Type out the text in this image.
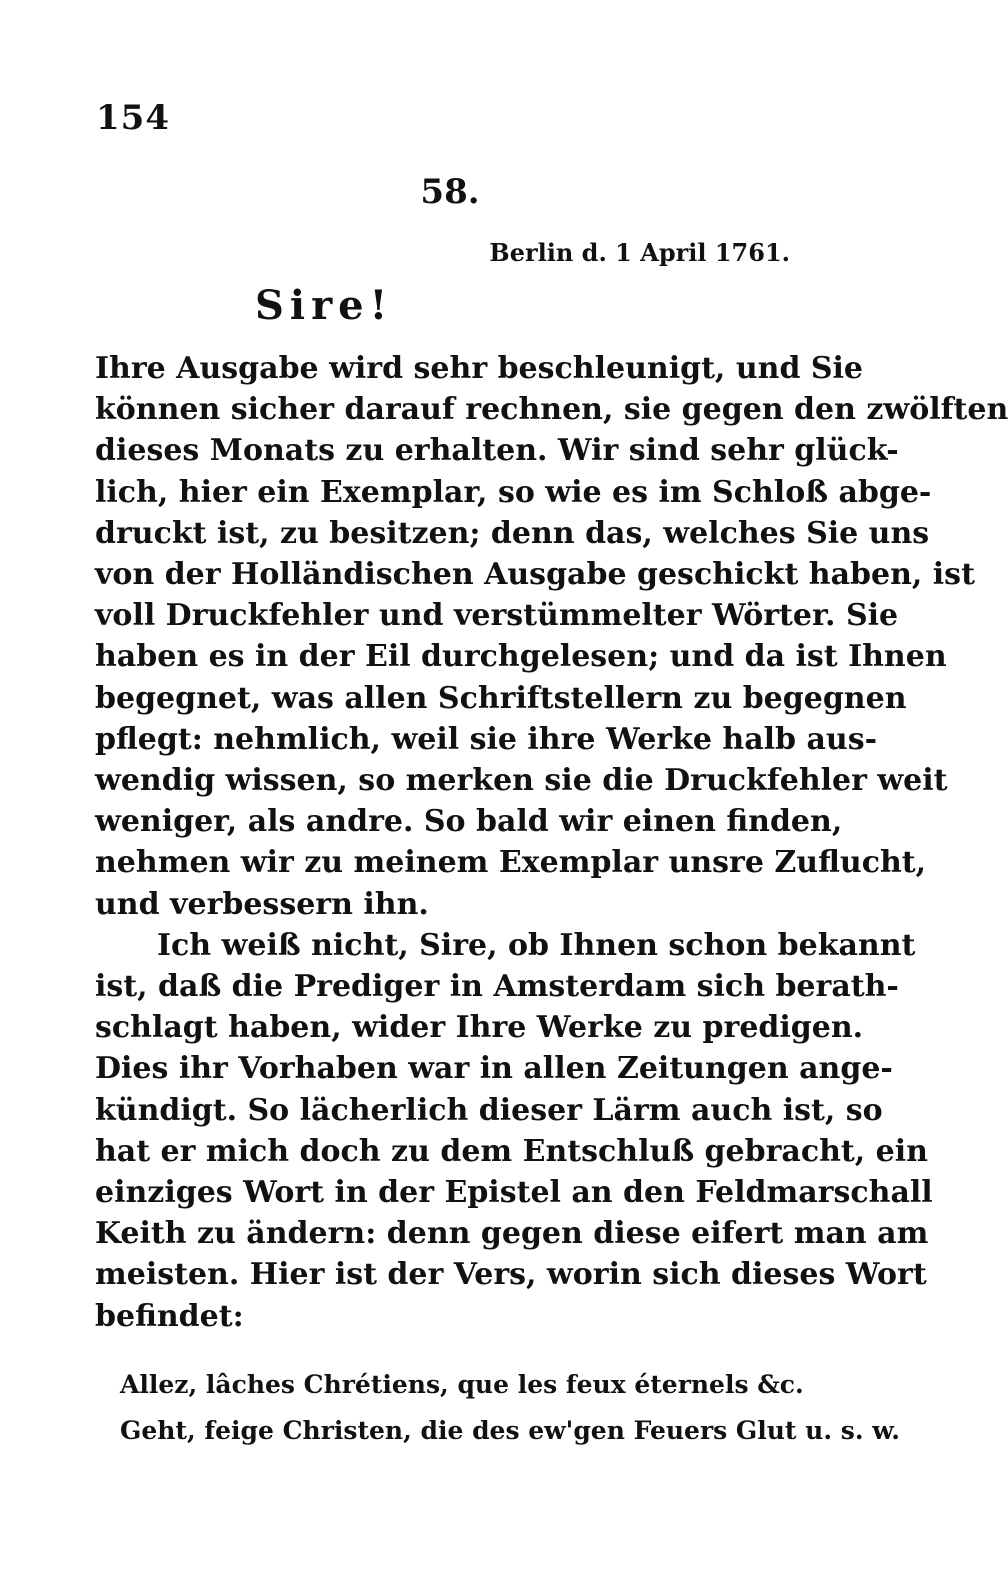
154
58.
Berlin d. 1 April 1761.
Sire!
Ihre Ausgabe wird sehr beschleunigt, und Sie
können sicher darauf rechnen, sie gegen den zwölften
dieses Monats zu erhalten. Wir sind sehr glück-
lich, hier ein Exemplar, so wie es im Schloß abge-
druckt ist, zu besitzen; denn das, welches Sie uns
von der Holländischen Ausgabe geschickt haben, ist
voll Druckfehler und verstümmelter Wörter. Sie
haben es in der Eil durchgelesen; und da ist Ihnen
begegnet, was allen Schriftstellern zu begegnen
pflegt: nehmlich, weil sie ihre Werke halb aus-
wendig wissen, so merken sie die Druckfehler weit
weniger, als andre. So bald wir einen finden,
nehmen wir zu meinem Exemplar unsre Zuflucht,
und verbessern ihn.
Ich weiß nicht, Sire, ob Ihnen schon bekannt
ist, daß die Prediger in Amsterdam sich berath-
schlagt haben, wider Ihre Werke zu predigen.
Dies ihr Vorhaben war in allen Zeitungen ange-
kündigt. So lächerlich dieser Lärm auch ist, so
hat er mich doch zu dem Entschluß gebracht, ein
einziges Wort in der Epistel an den Feldmarschall
Keith zu ändern: denn gegen diese eifert man am
meisten. Hier ist der Vers, worin sich dieses Wort
befindet:
Allez, lâches Chrétiens, que les feux éternels &c.
Geht, feige Christen, die des ew'gen Feuers Glut u. s. w.
